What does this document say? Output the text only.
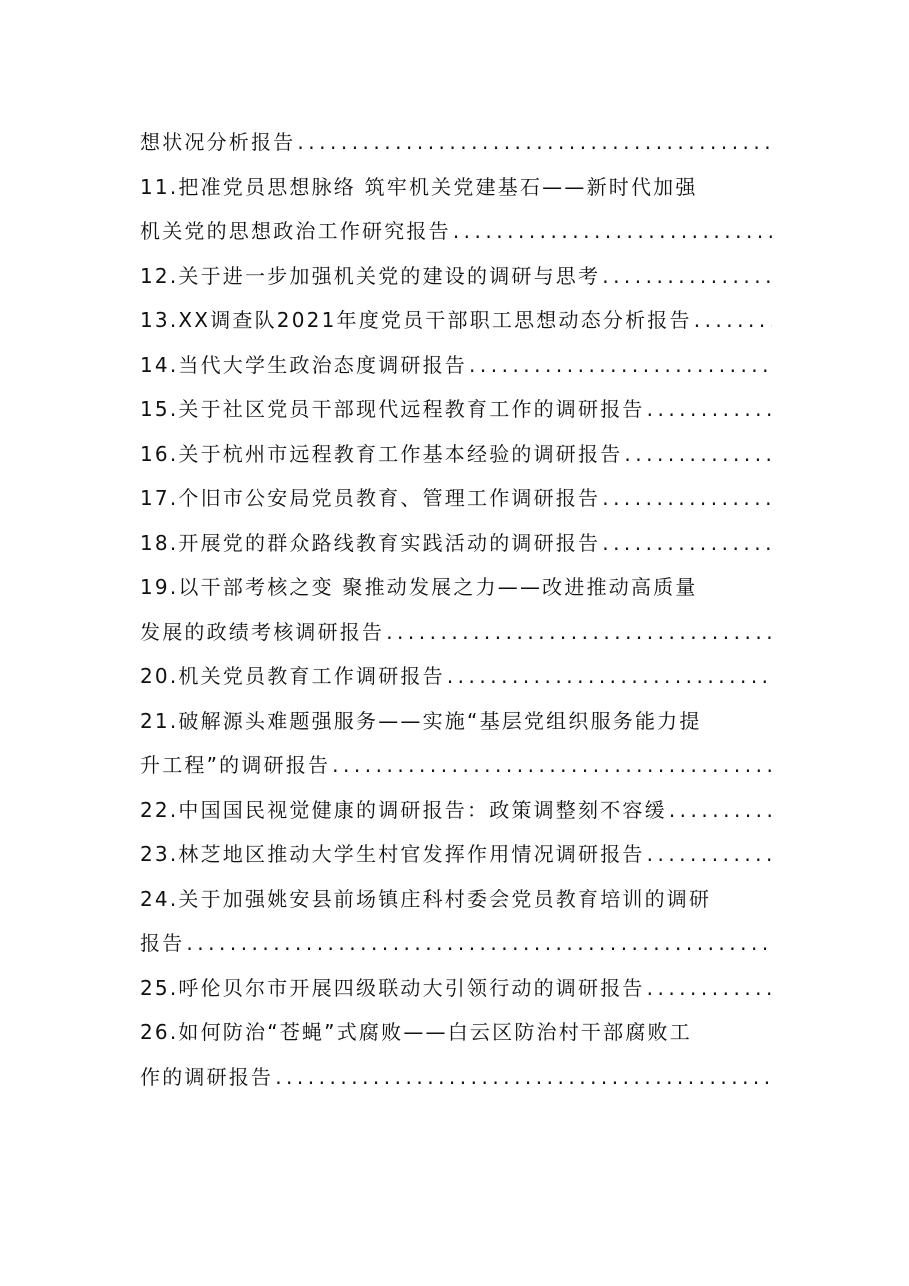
想状况分析报告
.....
11.把准党员思想脉络 筑牢机关党建基石——新时代加强
机关党的思想政治工作研究报告
.....
12.关于进一步加强机关党的建设的调研与思考
.....
13.XX调查队2021年度党员干部职工思想动态分析报告
.....
14.当代大学生政治态度调研报告
.....
15.关于社区党员干部现代远程教育工作的调研报告
.....
16.关于杭州市远程教育工作基本经验的调研报告
.....
17.个旧市公安局党员教育、管理工作调研报告
.....
18.开展党的群众路线教育实践活动的调研报告
.....
19.以干部考核之变 聚推动发展之力——改进推动高质量
发展的政绩考核调研报告
.....
20.机关党员教育工作调研报告
.....
21.破解源头难题强服务——实施“基层党组织服务能力提
升工程”的调研报告
.....
22.中国国民视觉健康的调研报告：政策调整刻不容缓
.....
23.林芝地区推动大学生村官发挥作用情况调研报告
.....
24.关于加强姚安县前场镇庄科村委会党员教育培训的调研
报告
.....
25.呼伦贝尔市开展四级联动大引领行动的调研报告
.....
26.如何防治“苍蝇”式腐败——白云区防治村干部腐败工
作的调研报告
.....
